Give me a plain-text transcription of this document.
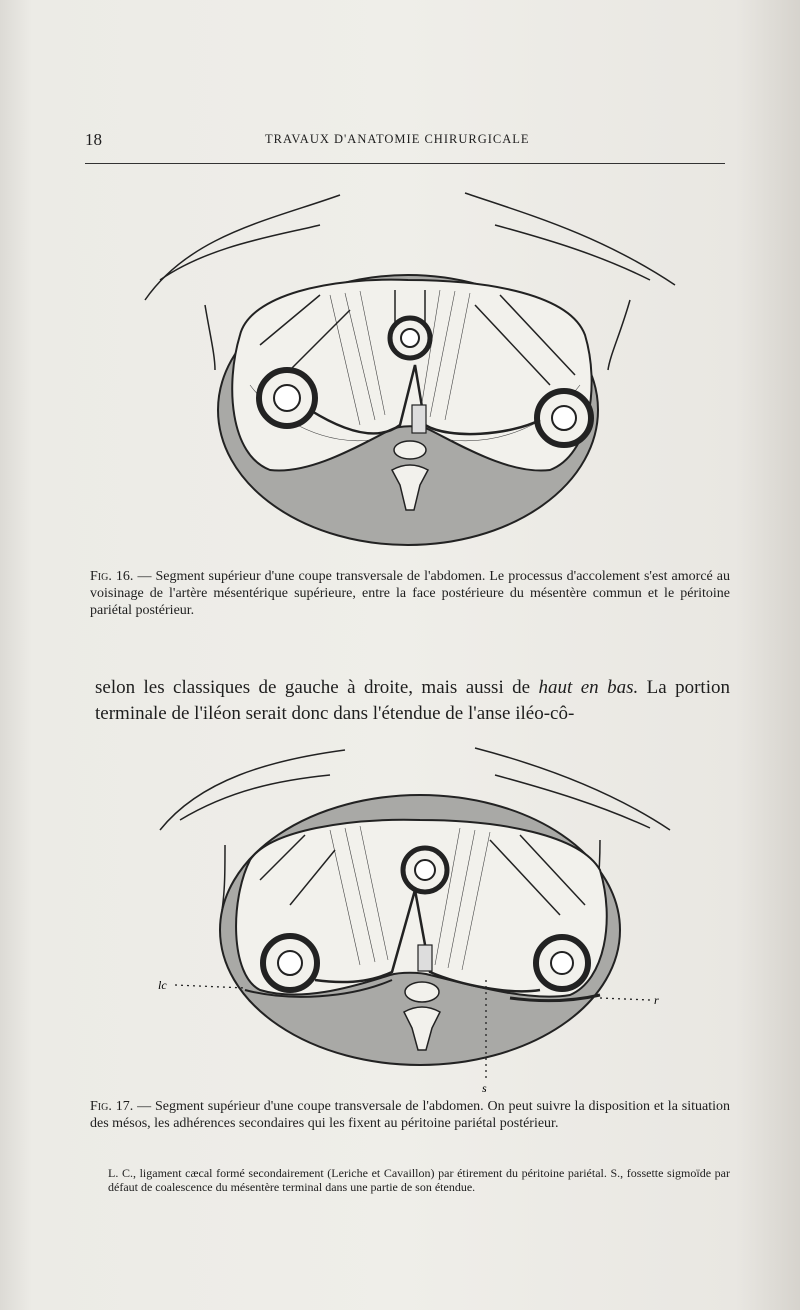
18	TRAVAUX D'ANATOMIE CHIRURGICALE
Fig. 16. — Segment supérieur d'une coupe transversale de l'abdomen. Le processus d'accolement s'est amorcé au voisinage de l'artère mésentérique supérieure, entre la face postérieure du mésentère commun et le péritoine pariétal postérieur.
selon les classiques de gauche à droite, mais aussi de haut en bas. La portion terminale de l'iléon serait donc dans l'étendue de l'anse iléo-cô-
lc
r
s
Fig. 17. — Segment supérieur d'une coupe transversale de l'abdomen. On peut suivre la disposition et la situation des mésos, les adhérences secondaires qui les fixent au péritoine pariétal postérieur.
L. C., ligament cæcal formé secondairement (Leriche et Cavaillon) par étirement du péritoine pariétal. S., fossette sigmoïde par défaut de coalescence du mésentère terminal dans une partie de son étendue.
